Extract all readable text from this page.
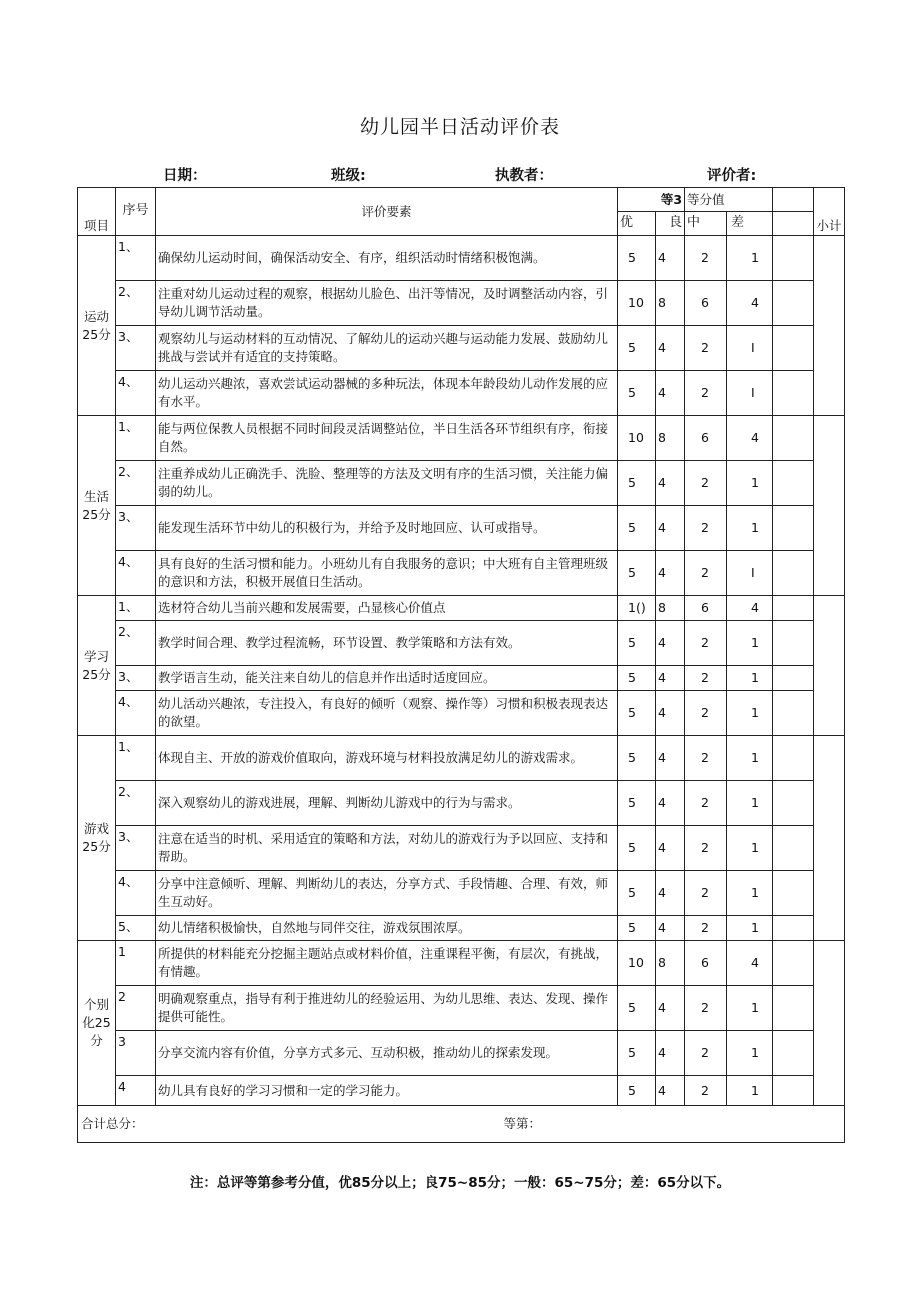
幼儿园半日活动评价表
日期：	班级:	执教者：	评价者:
项目	序号	评价要素	等3		等分值			小计
			优	良	中	差		
运动25分	1、	确保幼儿运动时间，确保活动安全、有序，组织活动时情绪积极饱满。	5	4	2	1		
	2、	注重对幼儿运动过程的观察，根据幼儿脸色、出汗等情况，及时调整活动内容，引导幼儿调节活动量。	10	8	6	4		
	3、	观察幼儿与运动材料的互动情况、了解幼儿的运动兴趣与运动能力发展、鼓励幼儿挑战与尝试并有适宜的支持策略。	5	4	2	I		
	4、	幼儿运动兴趣浓，喜欢尝试运动器械的多种玩法，体现本年龄段幼儿动作发展的应有水平。	5	4	2	I		
生活25分	1、	能与两位保教人员根据不同时间段灵活调整站位，半日生活各环节组织有序，衔接自然。	10	8	6	4		
	2、	注重养成幼儿正确洗手、洗脸、整理等的方法及文明有序的生活习惯，关注能力偏弱的幼儿。	5	4	2	1		
	3、	能发现生活环节中幼儿的积极行为，并给予及时地回应、认可或指导。	5	4	2	1		
	4、	具有良好的生活习惯和能力。小班幼儿有自我服务的意识；中大班有自主管理班级的意识和方法，积极开展值日生活动。	5	4	2	I		
学习25分	1、	选材符合幼儿当前兴趣和发展需要，凸显核心价值点	1()	8	6	4		
	2、	教学时间合理、教学过程流畅，环节设置、教学策略和方法有效。	5	4	2	1		
	3、	教学语言生动，能关注来自幼儿的信息并作出适时适度回应。	5	4	2	1		
	4、	幼儿活动兴趣浓，专注投入，有良好的倾听（观察、操作等）习惯和积极表现表达的欲望。	5	4	2	1		
游戏25分	1、	体现自主、开放的游戏价值取向，游戏环境与材料投放满足幼儿的游戏需求。	5	4	2	1		
	2、	深入观察幼儿的游戏进展，理解、判断幼儿游戏中的行为与需求。	5	4	2	1		
	3、	注意在适当的时机、采用适宜的策略和方法，对幼儿的游戏行为予以回应、支持和帮助。	5	4	2	1		
	4、	分享中注意倾听、理解、判断幼儿的表达，分享方式、手段情趣、合理、有效，师生互动好。	5	4	2	1		
	5、	幼儿情绪积极愉快，自然地与同伴交往，游戏氛围浓厚。	5	4	2	1		
个别化25分	1	所提供的材料能充分挖掘主题站点或材料价值，注重课程平衡，有层次，有挑战，有情趣。	10	8	6	4		
	2	明确观察重点，指导有利于推进幼儿的经验运用、为幼儿思维、表达、发现、操作提供可能性。	5	4	2	1		
	3	分享交流内容有价值，分享方式多元、互动积极，推动幼儿的探索发现。	5	4	2	1		
	4	幼儿具有良好的学习习惯和一定的学习能力。	5	4	2	1		
合计总分：			等第：					
注：总评等第参考分值，优85分以上；良75~85分；一般：65~75分；差：65分以下。
